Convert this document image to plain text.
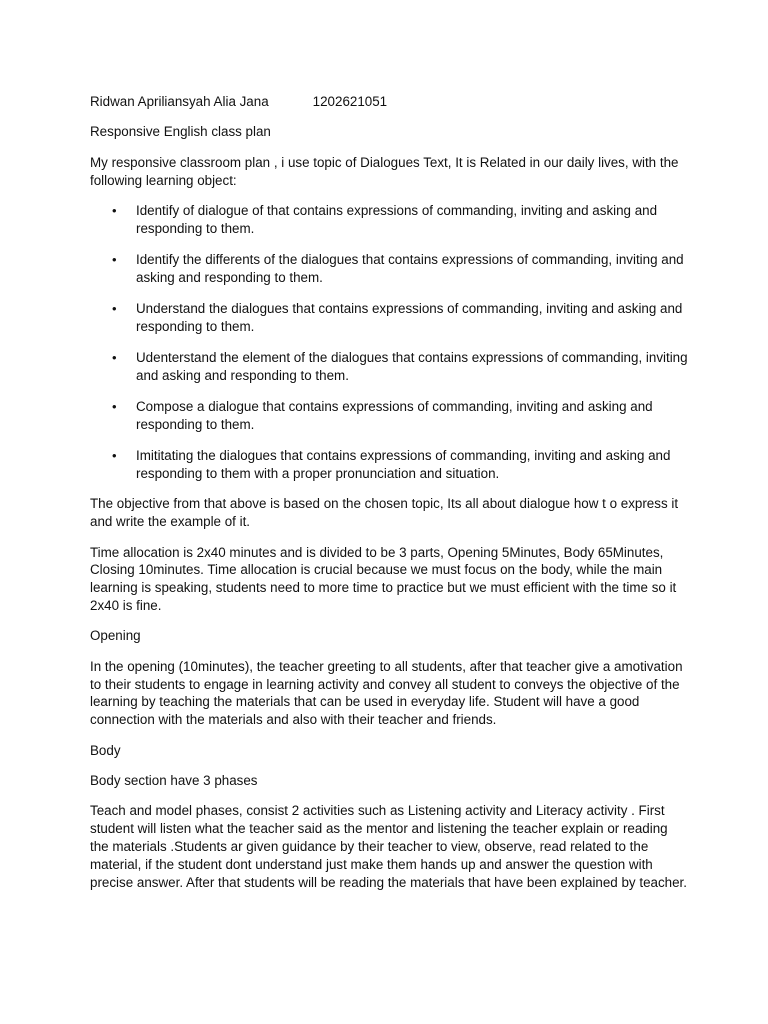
Ridwan Apriliansyah Alia Jana	1202621051

Responsive English class plan

My responsive classroom plan , i use topic of Dialogues Text, It is Related in our daily lives, with the following learning object:

• Identify of dialogue of that contains expressions of commanding, inviting and asking and responding to them.
• Identify the differents of the dialogues that contains expressions of commanding, inviting and asking and responding to them.
• Understand the dialogues that contains expressions of commanding, inviting and asking and responding to them.
• Udenterstand the element of the dialogues that contains expressions of commanding, inviting and asking and responding to them.
• Compose a dialogue that contains expressions of commanding, inviting and asking and responding to them.
• Imititating the dialogues that contains expressions of commanding, inviting and asking and responding to them with a proper pronunciation and situation.

The objective from that above is based on the chosen topic, Its all about dialogue how t o express it and write the example of it.

Time allocation is 2x40 minutes and is divided to be 3 parts, Opening 5Minutes, Body 65Minutes, Closing 10minutes. Time allocation is crucial because we must focus on the body, while the main learning is speaking, students need to more time to practice but we must efficient with the time so it 2x40 is fine.

Opening

In the opening (10minutes), the teacher greeting to all students, after that teacher give a amotivation to their students to engage in learning activity and convey all student to conveys the objective of the learning by teaching the materials that can be used in everyday life. Student will have a good connection with the materials and also with their teacher and friends.

Body

Body section have 3 phases

Teach and model phases, consist 2 activities such as Listening activity and Literacy activity . First student will listen what the teacher said as the mentor and listening the teacher explain or reading the materials .Students ar given guidance by their teacher to view, observe, read related to the material, if the student dont understand just make them hands up and answer the question with precise answer. After that students will be reading the materials that have been explained by teacher.
